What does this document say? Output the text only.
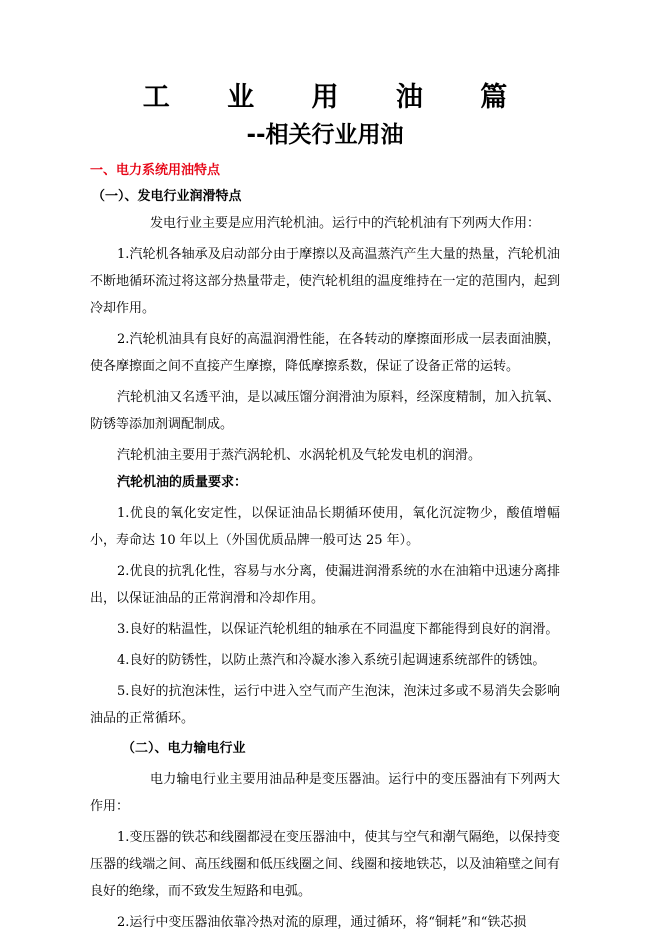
工 业 用 油 篇
--相关行业用油
一、电力系统用油特点
（一）、发电行业润滑特点

发电行业主要是应用汽轮机油。运行中的汽轮机油有下列两大作用：

1.汽轮机各轴承及启动部分由于摩擦以及高温蒸汽产生大量的热量，汽轮机油不断地循环流过将这部分热量带走，使汽轮机组的温度维持在一定的范围内，起到冷却作用。

2.汽轮机油具有良好的高温润滑性能，在各转动的摩擦面形成一层表面油膜，使各摩擦面之间不直接产生摩擦，降低摩擦系数，保证了设备正常的运转。

汽轮机油又名透平油，是以减压馏分润滑油为原料，经深度精制，加入抗氧、防锈等添加剂调配制成。

汽轮机油主要用于蒸汽涡轮机、水涡轮机及气轮发电机的润滑。

汽轮机油的质量要求：

1.优良的氧化安定性，以保证油品长期循环使用，氧化沉淀物少，酸值增幅小，寿命达 10 年以上（外国优质品牌一般可达 25 年）。

2.优良的抗乳化性，容易与水分离，使漏进润滑系统的水在油箱中迅速分离排出，以保证油品的正常润滑和冷却作用。

3.良好的粘温性，以保证汽轮机组的轴承在不同温度下都能得到良好的润滑。

4.良好的防锈性，以防止蒸汽和冷凝水渗入系统引起调速系统部件的锈蚀。

5.良好的抗泡沫性，运行中进入空气而产生泡沫，泡沫过多或不易消失会影响油品的正常循环。

（二）、电力输电行业

电力输电行业主要用油品种是变压器油。运行中的变压器油有下列两大作用：

1.变压器的铁芯和线圈都浸在变压器油中，使其与空气和潮气隔绝，以保持变压器的线端之间、高压线圈和低压线圈之间、线圈和接地铁芯，以及油箱壁之间有良好的绝缘，而不致发生短路和电弧。

2.运行中变压器油依靠冷热对流的原理，通过循环，将“铜耗”和“铁芯损
